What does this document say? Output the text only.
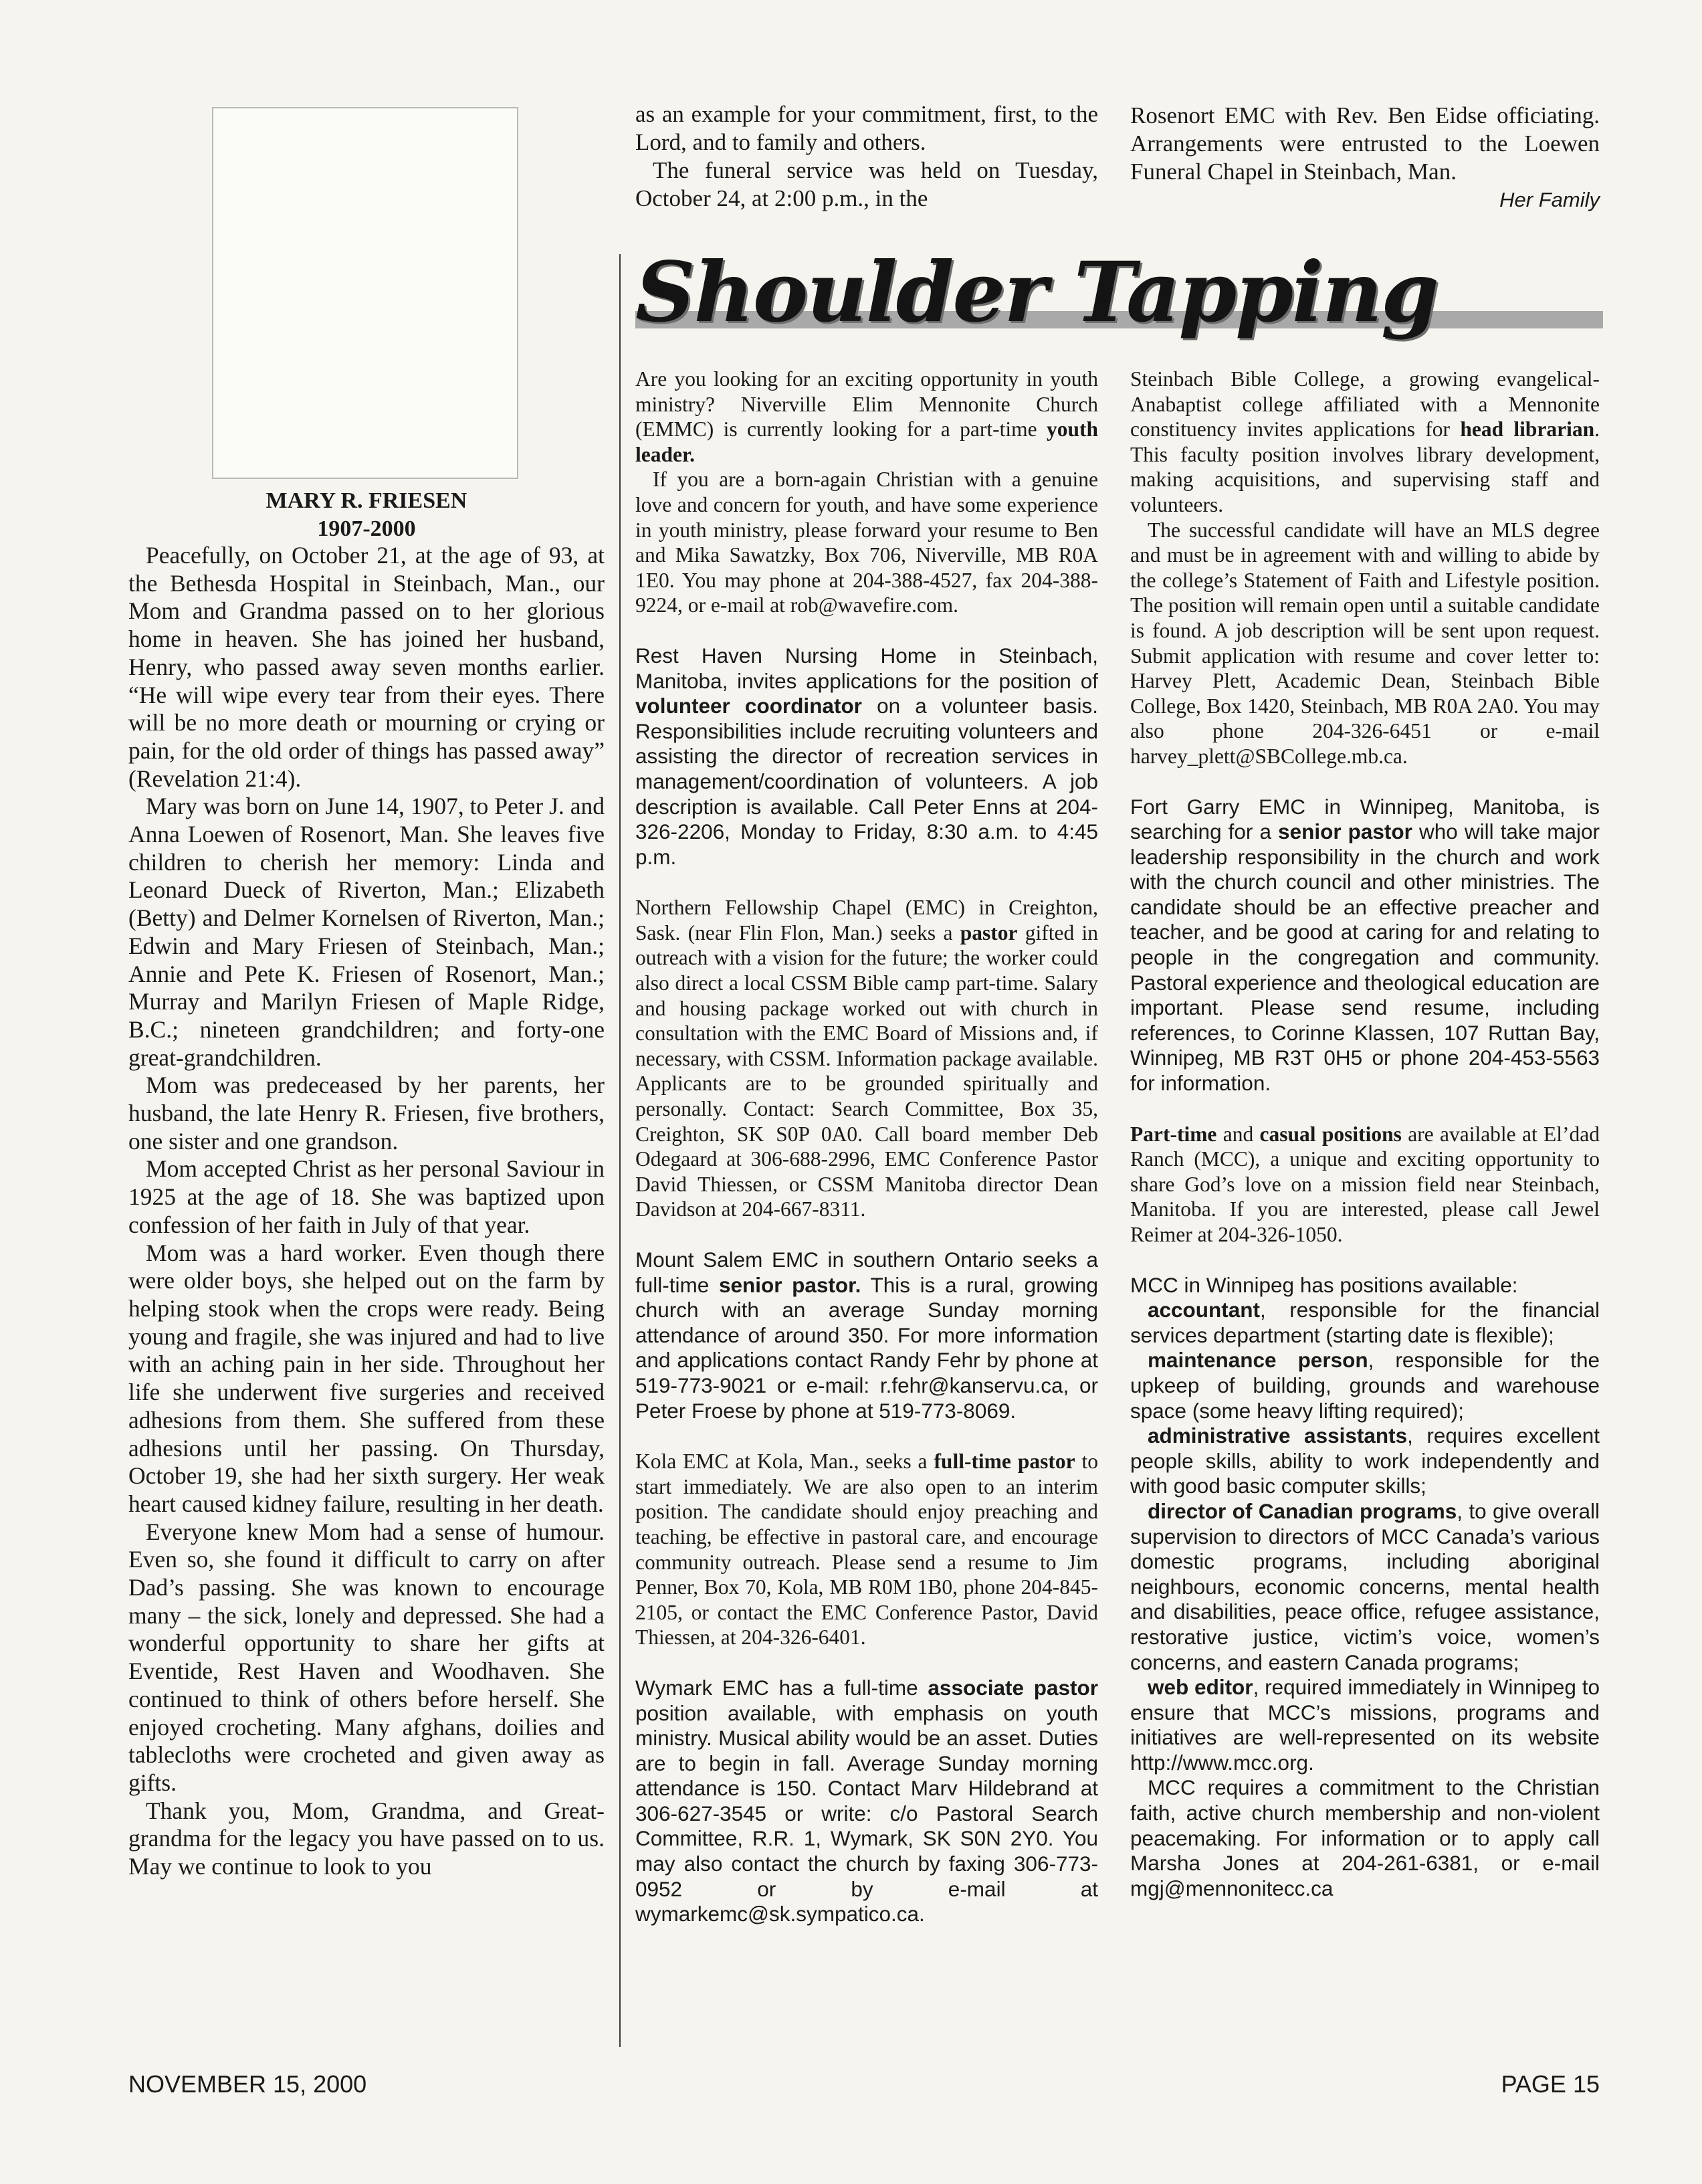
MARY R. FRIESEN
1907-2000

Peacefully, on October 21, at the age of 93, at the Bethesda Hospital in Steinbach, Man., our Mom and Grandma passed on to her glorious home in heaven. She has joined her husband, Henry, who passed away seven months earlier. “He will wipe every tear from their eyes. There will be no more death or mourning or crying or pain, for the old order of things has passed away” (Revelation 21:4).

Mary was born on June 14, 1907, to Peter J. and Anna Loewen of Rosenort, Man. She leaves five children to cherish her memory: Linda and Leonard Dueck of Riverton, Man.; Elizabeth (Betty) and Delmer Kornelsen of Riverton, Man.; Edwin and Mary Friesen of Steinbach, Man.; Annie and Pete K. Friesen of Rosenort, Man.; Murray and Marilyn Friesen of Maple Ridge, B.C.; nineteen grandchildren; and forty-one great-grandchildren.

Mom was predeceased by her parents, her husband, the late Henry R. Friesen, five brothers, one sister and one grandson.

Mom accepted Christ as her personal Saviour in 1925 at the age of 18. She was baptized upon confession of her faith in July of that year.

Mom was a hard worker. Even though there were older boys, she helped out on the farm by helping stook when the crops were ready. Being young and fragile, she was injured and had to live with an aching pain in her side. Throughout her life she underwent five surgeries and received adhesions from them. She suffered from these adhesions until her passing. On Thursday, October 19, she had her sixth surgery. Her weak heart caused kidney failure, resulting in her death.

Everyone knew Mom had a sense of humour. Even so, she found it difficult to carry on after Dad’s passing. She was known to encourage many – the sick, lonely and depressed. She had a wonderful opportunity to share her gifts at Eventide, Rest Haven and Woodhaven. She continued to think of others before herself. She enjoyed crocheting. Many afghans, doilies and tablecloths were crocheted and given away as gifts.

Thank you, Mom, Grandma, and Great-grandma for the legacy you have passed on to us. May we continue to look to you

as an example for your commitment, first, to the Lord, and to family and others.

The funeral service was held on Tuesday, October 24, at 2:00 p.m., in the

Rosenort EMC with Rev. Ben Eidse officiating. Arrangements were entrusted to the Loewen Funeral Chapel in Steinbach, Man.

Her Family
Shoulder Tapping

Are you looking for an exciting opportunity in youth ministry? Niverville Elim Mennonite Church (EMMC) is currently looking for a part-time youth leader.

If you are a born-again Christian with a genuine love and concern for youth, and have some experience in youth ministry, please forward your resume to Ben and Mika Sawatzky, Box 706, Niverville, MB R0A 1E0. You may phone at 204-388-4527, fax 204-388-9224, or e-mail at rob@wavefire.com.

Rest Haven Nursing Home in Steinbach, Manitoba, invites applications for the position of volunteer coordinator on a volunteer basis. Responsibilities include recruiting volunteers and assisting the director of recreation services in management/coordination of volunteers. A job description is available. Call Peter Enns at 204-326-2206, Monday to Friday, 8:30 a.m. to 4:45 p.m.

Northern Fellowship Chapel (EMC) in Creighton, Sask. (near Flin Flon, Man.) seeks a pastor gifted in outreach with a vision for the future; the worker could also direct a local CSSM Bible camp part-time. Salary and housing package worked out with church in consultation with the EMC Board of Missions and, if necessary, with CSSM. Information package available. Applicants are to be grounded spiritually and personally. Contact: Search Committee, Box 35, Creighton, SK S0P 0A0. Call board member Deb Odegaard at 306-688-2996, EMC Conference Pastor David Thiessen, or CSSM Manitoba director Dean Davidson at 204-667-8311.

Mount Salem EMC in southern Ontario seeks a full-time senior pastor. This is a rural, growing church with an average Sunday morning attendance of around 350. For more information and applications contact Randy Fehr by phone at 519-773-9021 or e-mail: r.fehr@kanservu.ca, or Peter Froese by phone at 519-773-8069.

Kola EMC at Kola, Man., seeks a full-time pastor to start immediately. We are also open to an interim position. The candidate should enjoy preaching and teaching, be effective in pastoral care, and encourage community outreach. Please send a resume to Jim Penner, Box 70, Kola, MB R0M 1B0, phone 204-845-2105, or contact the EMC Conference Pastor, David Thiessen, at 204-326-6401.

Wymark EMC has a full-time associate pastor position available, with emphasis on youth ministry. Musical ability would be an asset. Duties are to begin in fall. Average Sunday morning attendance is 150. Contact Marv Hildebrand at 306-627-3545 or write: c/o Pastoral Search Committee, R.R. 1, Wymark, SK S0N 2Y0. You may also contact the church by faxing 306-773-0952 or by e-mail at wymarkemc@sk.sympatico.ca.

Steinbach Bible College, a growing evangelical-Anabaptist college affiliated with a Mennonite constituency invites applications for head librarian. This faculty position involves library development, making acquisitions, and supervising staff and volunteers.

The successful candidate will have an MLS degree and must be in agreement with and willing to abide by the college’s Statement of Faith and Lifestyle position. The position will remain open until a suitable candidate is found. A job description will be sent upon request. Submit application with resume and cover letter to: Harvey Plett, Academic Dean, Steinbach Bible College, Box 1420, Steinbach, MB R0A 2A0. You may also phone 204-326-6451 or e-mail harvey_plett@SBCollege.mb.ca.

Fort Garry EMC in Winnipeg, Manitoba, is searching for a senior pastor who will take major leadership responsibility in the church and work with the church council and other ministries. The candidate should be an effective preacher and teacher, and be good at caring for and relating to people in the congregation and community. Pastoral experience and theological education are important. Please send resume, including references, to Corinne Klassen, 107 Ruttan Bay, Winnipeg, MB R3T 0H5 or phone 204-453-5563 for information.

Part-time and casual positions are available at El’dad Ranch (MCC), a unique and exciting opportunity to share God’s love on a mission field near Steinbach, Manitoba. If you are interested, please call Jewel Reimer at 204-326-1050.

MCC in Winnipeg has positions available:

accountant, responsible for the financial services department (starting date is flexible);

maintenance person, responsible for the upkeep of building, grounds and warehouse space (some heavy lifting required);

administrative assistants, requires excellent people skills, ability to work independently and with good basic computer skills;

director of Canadian programs, to give overall supervision to directors of MCC Canada’s various domestic programs, including aboriginal neighbours, economic concerns, mental health and disabilities, peace office, refugee assistance, restorative justice, victim’s voice, women’s concerns, and eastern Canada programs;

web editor, required immediately in Winnipeg to ensure that MCC’s missions, programs and initiatives are well-represented on its website http://www.mcc.org.

MCC requires a commitment to the Christian faith, active church membership and non-violent peacemaking. For information or to apply call Marsha Jones at 204-261-6381, or e-mail mgj@mennonitecc.ca

NOVEMBER 15, 2000	PAGE 15
